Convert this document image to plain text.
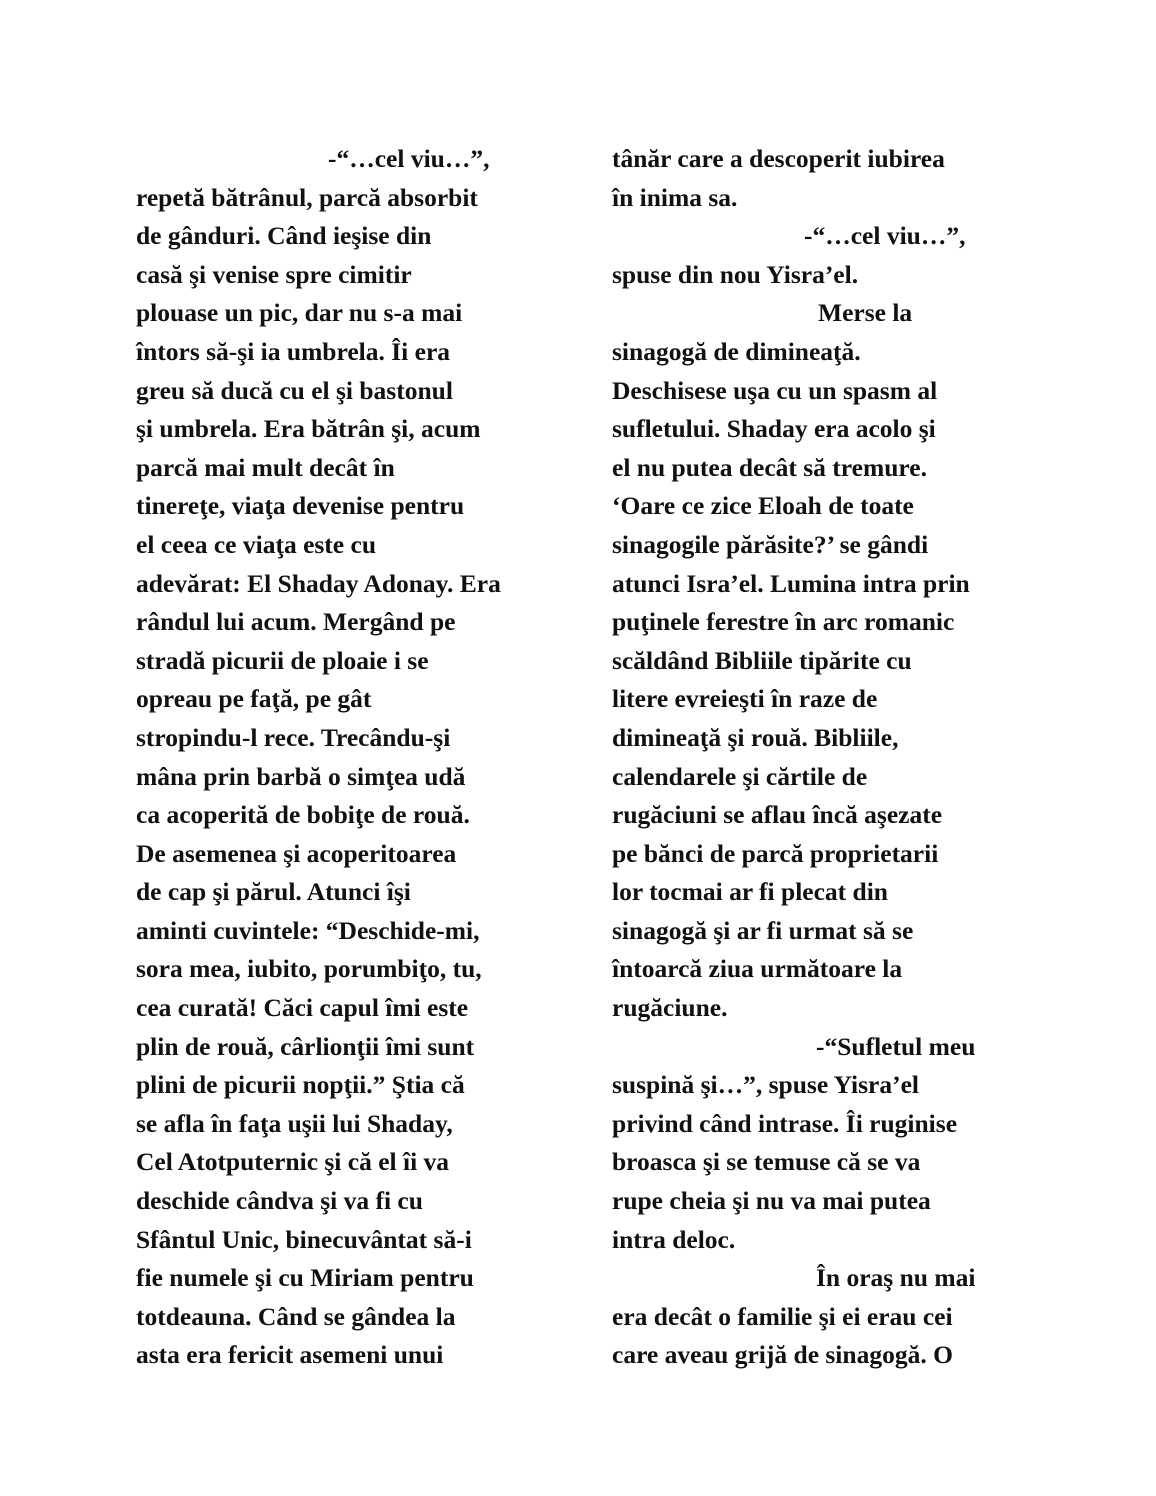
-“…cel viu…”,
repetă bătrânul, parcă absorbit
de gânduri. Când ieşise din
casă şi venise spre cimitir
plouase un pic, dar nu s-a mai
întors să-şi ia umbrela. Îi era
greu să ducă cu el şi bastonul
şi umbrela. Era bătrân şi, acum
parcă mai mult decât în
tinereţe, viaţa devenise pentru
el ceea ce viaţa este cu
adevărat: El Shaday Adonay. Era
rândul lui acum. Mergând pe
stradă picurii de ploaie i se
opreau pe faţă, pe gât
stropindu-l rece. Trecându-şi
mâna prin barbă o simţea udă
ca acoperită de bobiţe de rouă.
De asemenea şi acoperitoarea
de cap şi părul. Atunci îşi
aminti cuvintele: “Deschide-mi,
sora mea, iubito, porumbiţo, tu,
cea curată! Căci capul îmi este
plin de rouă, cârlionţii îmi sunt
plini de picurii nopţii.” Ştia că
se afla în faţa uşii lui Shaday,
Cel Atotputernic şi că el îi va
deschide cândva şi va fi cu
Sfântul Unic, binecuvântat să-i
fie numele şi cu Miriam pentru
totdeauna. Când se gândea la
asta era fericit asemeni unui
tânăr care a descoperit iubirea
în inima sa.
-“…cel viu…”,
spuse din nou Yisra’el.
Merse la
sinagogă de dimineaţă.
Deschisese uşa cu un spasm al
sufletului. Shaday era acolo şi
el nu putea decât să tremure.
‘Oare ce zice Eloah de toate
sinagogile părăsite?’ se gândi
atunci Isra’el. Lumina intra prin
puţinele ferestre în arc romanic
scăldând Bibliile tipărite cu
litere evreieşti în raze de
dimineaţă şi rouă. Bibliile,
calendarele şi cărtile de
rugăciuni se aflau încă aşezate
pe bănci de parcă proprietarii
lor tocmai ar fi plecat din
sinagogă şi ar fi urmat să se
întoarcă ziua următoare la
rugăciune.
-“Sufletul meu
suspină şi…”, spuse Yisra’el
privind când intrase. Îi ruginise
broasca şi se temuse că se va
rupe cheia şi nu va mai putea
intra deloc.
În oraş nu mai
era decât o familie şi ei erau cei
care aveau grijă de sinagogă. O
